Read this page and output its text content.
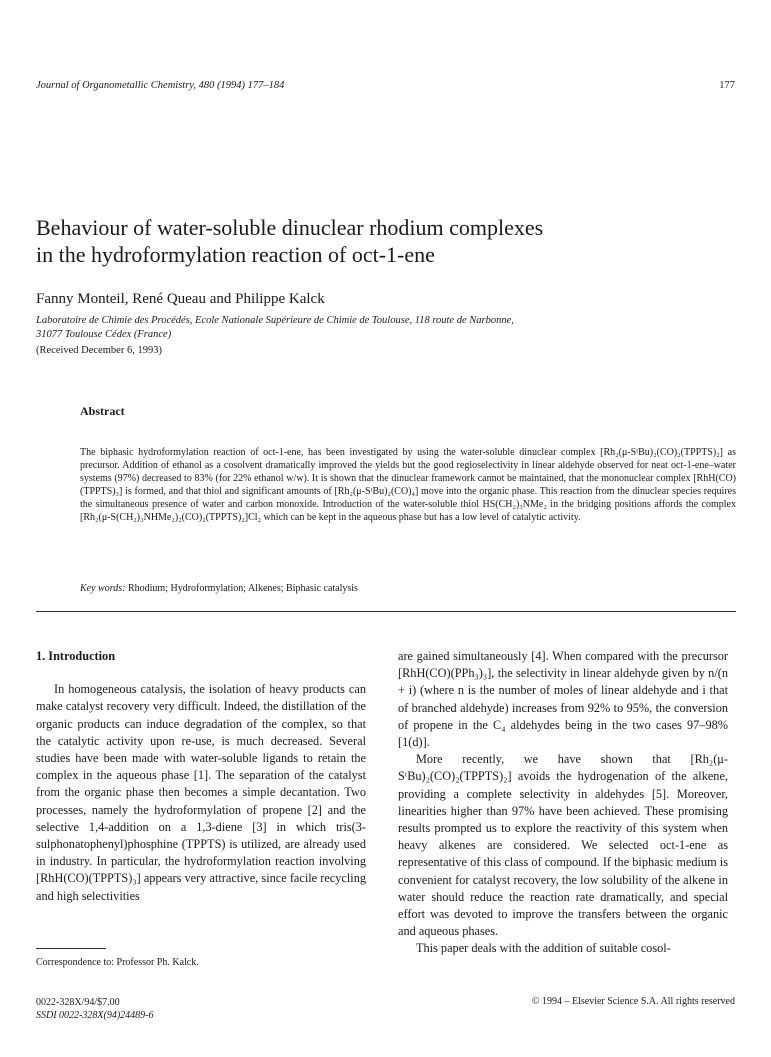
Journal of Organometallic Chemistry, 480 (1994) 177–184	177
Behaviour of water-soluble dinuclear rhodium complexes
in the hydroformylation reaction of oct-1-ene
Fanny Monteil, René Queau and Philippe Kalck
Laboratoire de Chimie des Procédés, Ecole Nationale Supérieure de Chimie de Toulouse, 118 route de Narbonne,
31077 Toulouse Cédex (France)
(Received December 6, 1993)
Abstract
The biphasic hydroformylation reaction of oct-1-ene, has been investigated by using the water-soluble dinuclear complex [Rh₂(μ-SᵗBu)₂(CO)₂(TPPTS)₂] as precursor. Addition of ethanol as a cosolvent dramatically improved the yields but the good regioselectivity in linear aldehyde observed for neat oct-1-ene–water systems (97%) decreased to 83% (for 22% ethanol w/w). It is shown that the dinuclear framework cannot be maintained, that the mononuclear complex [RhH(CO)(TPPTS)₃] is formed, and that thiol and significant amounts of [Rh₂(μ-SᵗBu)₂(CO)₄] move into the organic phase. This reaction from the dinuclear species requires the simultaneous presence of water and carbon monoxide. Introduction of the water-soluble thiol HS(CH₂)₃NMe₂ in the bridging positions affords the complex [Rh₂(μ-S(CH₂)₃NHMe₂)₂(CO)₂(TPPTS)₂]Cl₂ which can be kept in the aqueous phase but has a low level of catalytic activity.
Key words: Rhodium; Hydroformylation; Alkenes; Biphasic catalysis

1. Introduction

In homogeneous catalysis, the isolation of heavy products can make catalyst recovery very difficult. Indeed, the distillation of the organic products can induce degradation of the complex, so that the catalytic activity upon re-use, is much decreased. Several studies have been made with water-soluble ligands to retain the complex in the aqueous phase [1]. The separation of the catalyst from the organic phase then becomes a simple decantation. Two processes, namely the hydroformylation of propene [2] and the selective 1,4-addition on a 1,3-diene [3] in which tris(3-sulphonatophenyl)phosphine (TPPTS) is utilized, are already used in industry. In particular, the hydroformylation reaction involving [RhH(CO)(TPPTS)₃] appears very attractive, since facile recycling and high selectivities

are gained simultaneously [4]. When compared with the precursor [RhH(CO)(PPh₃)₃], the selectivity in linear aldehyde given by n/(n + i) (where n is the number of moles of linear aldehyde and i that of branched aldehyde) increases from 92% to 95%, the conversion of propene in the C₄ aldehydes being in the two cases 97–98% [1(d)].

More recently, we have shown that [Rh₂(μ-SᵗBu)₂(CO)₂(TPPTS)₂] avoids the hydrogenation of the alkene, providing a complete selectivity in aldehydes [5]. Moreover, linearities higher than 97% have been achieved. These promising results prompted us to explore the reactivity of this system when heavy alkenes are considered. We selected oct-1-ene as representative of this class of compound. If the biphasic medium is convenient for catalyst recovery, the low solubility of the alkene in water should reduce the reaction rate dramatically, and special effort was devoted to improve the transfers between the organic and aqueous phases.

This paper deals with the addition of suitable cosol-

Correspondence to: Professor Ph. Kalck.
0022-328X/94/$7.00
SSDI 0022-328X(94)24489-6
© 1994 – Elsevier Science S.A. All rights reserved
